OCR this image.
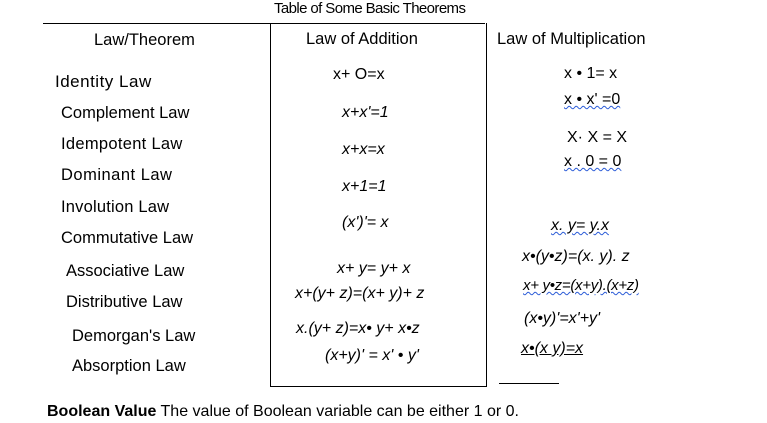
Table of Some Basic Theorems
Law/Theorem	Law of Addition	Law of Multiplication
Identity Law
Complement Law
Idempotent Law
Dominant Law
Involution Law
Commutative Law
Associative Law
Distributive Law
Demorgan's Law
Absorption Law
x+ O=x
x+x'=1
x+x=x
x+1=1
(x')'= x
x+ y= y+ x
x+(y+ z)=(x+ y)+ z
x.(y+ z)=x• y+ x•z
(x+y)' = x' • y'
x • 1= x
x • x' =0
X· X = X
x . 0 = 0
x. y= y.x
x•(y•z)=(x. y). z
x+ y•z=(x+y).(x+z)
(x•y)'=x'+y'
x•(x y)=x
Boolean Value The value of Boolean variable can be either 1 or 0.
